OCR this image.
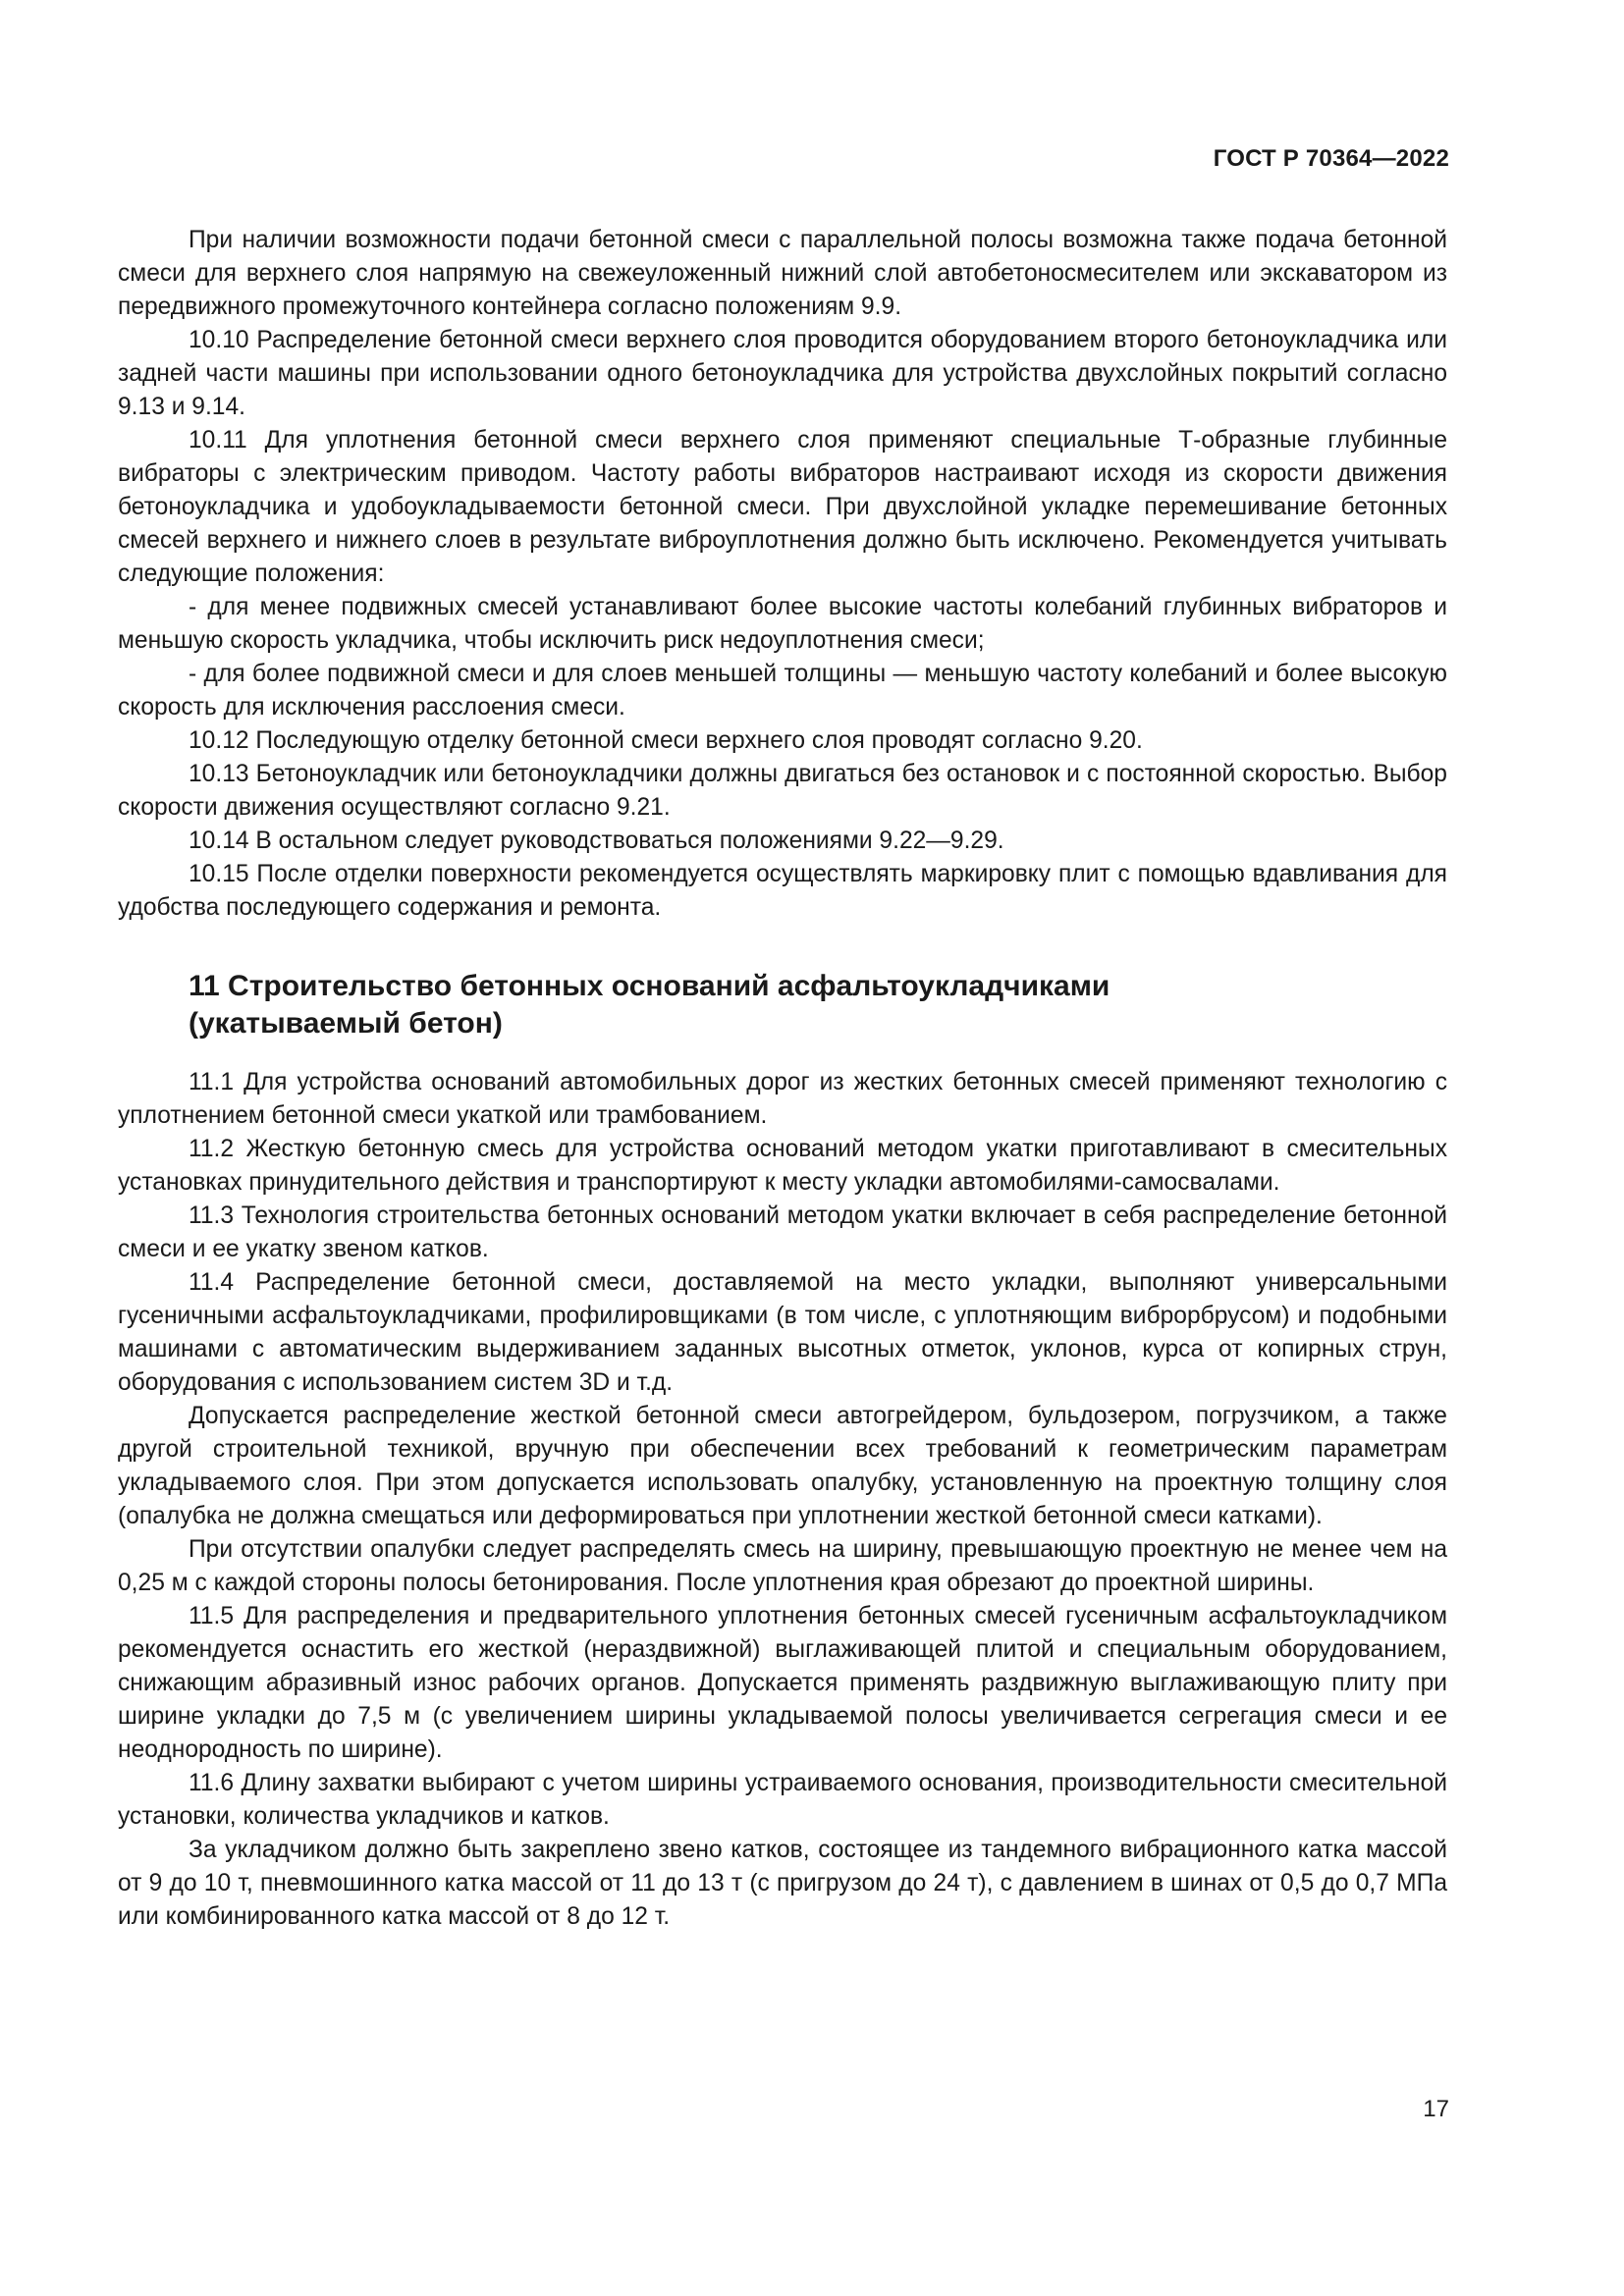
ГОСТ Р 70364—2022

При наличии возможности подачи бетонной смеси с параллельной полосы возможна также подача бетонной смеси для верхнего слоя напрямую на свежеуложенный нижний слой автобетоносмесителем или экскаватором из передвижного промежуточного контейнера согласно положениям 9.9.

10.10 Распределение бетонной смеси верхнего слоя проводится оборудованием второго бетоноукладчика или задней части машины при использовании одного бетоноукладчика для устройства двухслойных покрытий согласно 9.13 и 9.14.

10.11 Для уплотнения бетонной смеси верхнего слоя применяют специальные Т-образные глубинные вибраторы с электрическим приводом. Частоту работы вибраторов настраивают исходя из скорости движения бетоноукладчика и удобоукладываемости бетонной смеси. При двухслойной укладке перемешивание бетонных смесей верхнего и нижнего слоев в результате виброуплотнения должно быть исключено. Рекомендуется учитывать следующие положения:

- для менее подвижных смесей устанавливают более высокие частоты колебаний глубинных вибраторов и меньшую скорость укладчика, чтобы исключить риск недоуплотнения смеси;

- для более подвижной смеси и для слоев меньшей толщины — меньшую частоту колебаний и более высокую скорость для исключения расслоения смеси.

10.12 Последующую отделку бетонной смеси верхнего слоя проводят согласно 9.20.

10.13 Бетоноукладчик или бетоноукладчики должны двигаться без остановок и с постоянной скоростью. Выбор скорости движения осуществляют согласно 9.21.

10.14 В остальном следует руководствоваться положениями 9.22—9.29.

10.15 После отделки поверхности рекомендуется осуществлять маркировку плит с помощью вдавливания для удобства последующего содержания и ремонта.

11 Строительство бетонных оснований асфальтоукладчиками
(укатываемый бетон)

11.1 Для устройства оснований автомобильных дорог из жестких бетонных смесей применяют технологию с уплотнением бетонной смеси укаткой или трамбованием.

11.2 Жесткую бетонную смесь для устройства оснований методом укатки приготавливают в смесительных установках принудительного действия и транспортируют к месту укладки автомобилями-самосвалами.

11.3 Технология строительства бетонных оснований методом укатки включает в себя распределение бетонной смеси и ее укатку звеном катков.

11.4 Распределение бетонной смеси, доставляемой на место укладки, выполняют универсальными гусеничными асфальтоукладчиками, профилировщиками (в том числе, с уплотняющим виброрбрусом) и подобными машинами с автоматическим выдерживанием заданных высотных отметок, уклонов, курса от копирных струн, оборудования с использованием систем 3D и т.д.

Допускается распределение жесткой бетонной смеси автогрейдером, бульдозером, погрузчиком, а также другой строительной техникой, вручную при обеспечении всех требований к геометрическим параметрам укладываемого слоя. При этом допускается использовать опалубку, установленную на проектную толщину слоя (опалубка не должна смещаться или деформироваться при уплотнении жесткой бетонной смеси катками).

При отсутствии опалубки следует распределять смесь на ширину, превышающую проектную не менее чем на 0,25 м с каждой стороны полосы бетонирования. После уплотнения края обрезают до проектной ширины.

11.5 Для распределения и предварительного уплотнения бетонных смесей гусеничным асфальтоукладчиком рекомендуется оснастить его жесткой (нераздвижной) выглаживающей плитой и специальным оборудованием, снижающим абразивный износ рабочих органов. Допускается применять раздвижную выглаживающую плиту при ширине укладки до 7,5 м (с увеличением ширины укладываемой полосы увеличивается сегрегация смеси и ее неоднородность по ширине).

11.6 Длину захватки выбирают с учетом ширины устраиваемого основания, производительности смесительной установки, количества укладчиков и катков.

За укладчиком должно быть закреплено звено катков, состоящее из тандемного вибрационного катка массой от 9 до 10 т, пневмошинного катка массой от 11 до 13 т (с пригрузом до 24 т), с давлением в шинах от 0,5 до 0,7 МПа или комбинированного катка массой от 8 до 12 т.

17
